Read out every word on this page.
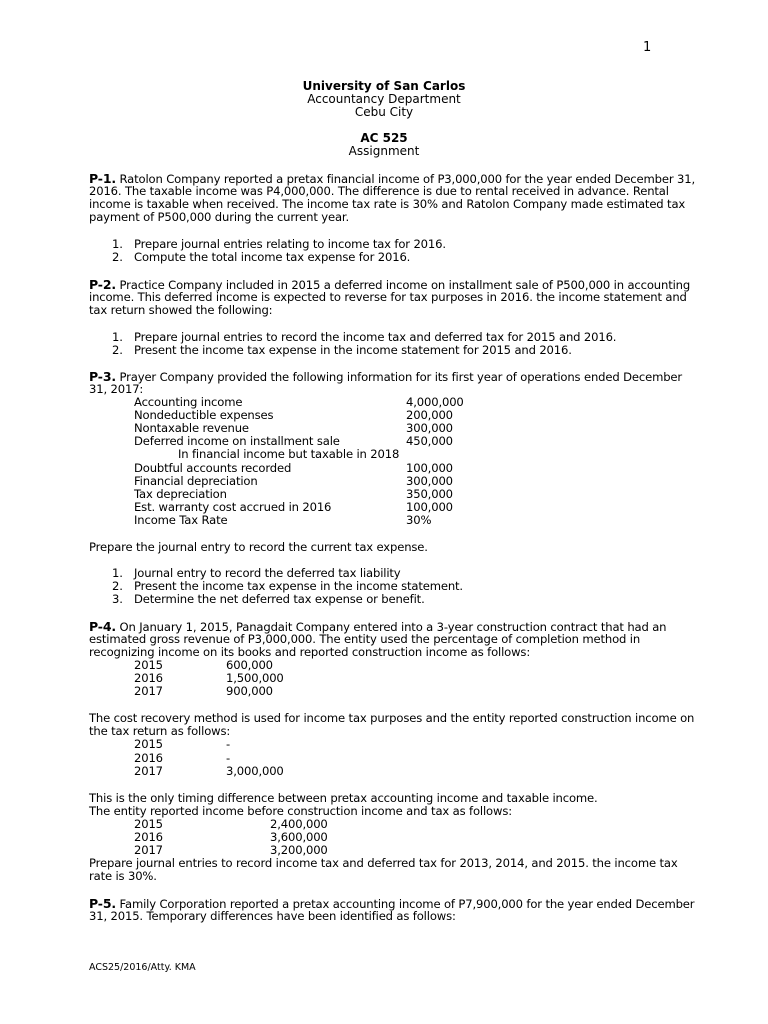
1
University of San Carlos
Accountancy Department
Cebu City
AC 525
Assignment
P-1. Ratolon Company reported a pretax financial income of P3,000,000 for the year ended December 31,
2016. The taxable income was P4,000,000. The difference is due to rental received in advance. Rental
income is taxable when received. The income tax rate is 30% and Ratolon Company made estimated tax
payment of P500,000 during the current year.
1. Prepare journal entries relating to income tax for 2016.
2. Compute the total income tax expense for 2016.
P-2. Practice Company included in 2015 a deferred income on installment sale of P500,000 in accounting
income. This deferred income is expected to reverse for tax purposes in 2016. the income statement and
tax return showed the following:
1. Prepare journal entries to record the income tax and deferred tax for 2015 and 2016.
2. Present the income tax expense in the income statement for 2015 and 2016.
P-3. Prayer Company provided the following information for its first year of operations ended December
31, 2017:
Accounting income	4,000,000
Nondeductible expenses	200,000
Nontaxable revenue	300,000
Deferred income on installment sale	450,000
In financial income but taxable in 2018
Doubtful accounts recorded	100,000
Financial depreciation	300,000
Tax depreciation	350,000
Est. warranty cost accrued in 2016	100,000
Income Tax Rate	30%
Prepare the journal entry to record the current tax expense.
1. Journal entry to record the deferred tax liability
2. Present the income tax expense in the income statement.
3. Determine the net deferred tax expense or benefit.
P-4. On January 1, 2015, Panagdait Company entered into a 3-year construction contract that had an
estimated gross revenue of P3,000,000. The entity used the percentage of completion method in
recognizing income on its books and reported construction income as follows:
2015	600,000
2016	1,500,000
2017	900,000
The cost recovery method is used for income tax purposes and the entity reported construction income on
the tax return as follows:
2015	-
2016	-
2017	3,000,000
This is the only timing difference between pretax accounting income and taxable income.
The entity reported income before construction income and tax as follows:
2015	2,400,000
2016	3,600,000
2017	3,200,000
Prepare journal entries to record income tax and deferred tax for 2013, 2014, and 2015. the income tax
rate is 30%.
P-5. Family Corporation reported a pretax accounting income of P7,900,000 for the year ended December
31, 2015. Temporary differences have been identified as follows:
ACS25/2016/Atty. KMA
